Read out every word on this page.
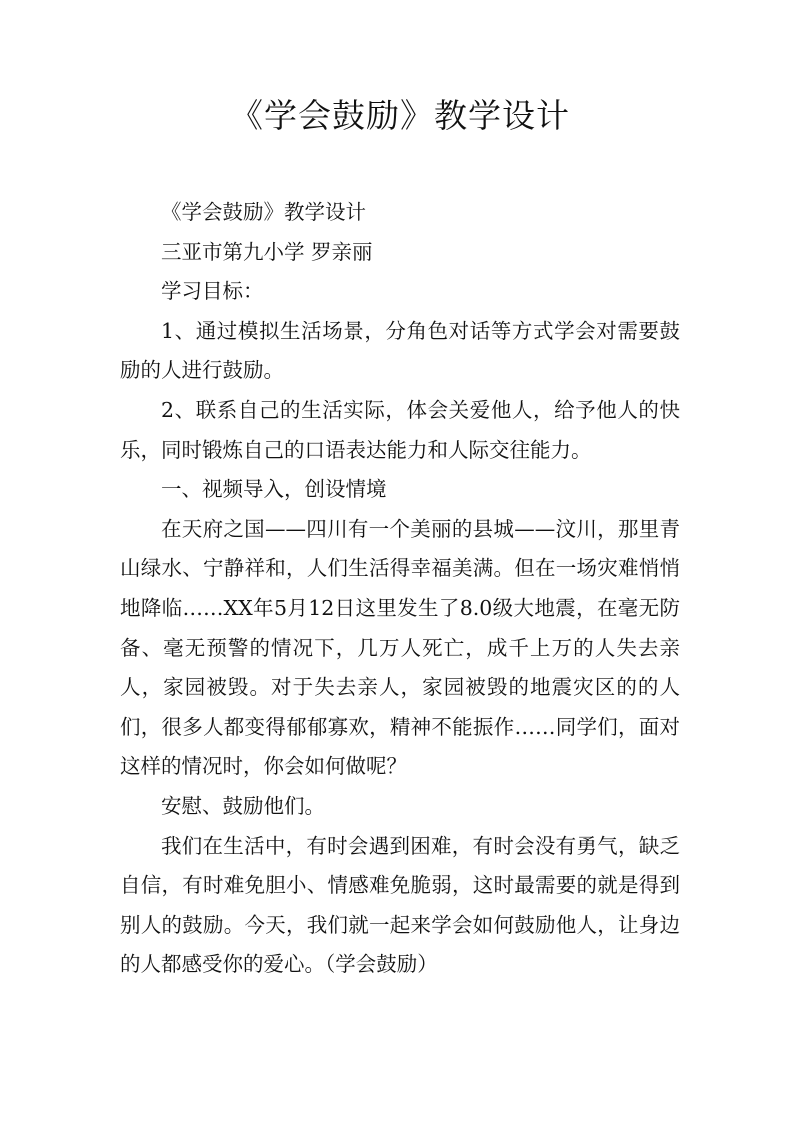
《学会鼓励》教学设计

《学会鼓励》教学设计

三亚市第九小学 罗亲丽

学习目标：

1、通过模拟生活场景，分角色对话等方式学会对需要鼓励的人进行鼓励。

2、联系自己的生活实际，体会关爱他人，给予他人的快乐，同时锻炼自己的口语表达能力和人际交往能力。

一、视频导入，创设情境

在天府之国——四川有一个美丽的县城——汶川，那里青山绿水、宁静祥和，人们生活得幸福美满。但在一场灾难悄悄地降临……XX年5月12日这里发生了8.0级大地震，在毫无防备、毫无预警的情况下，几万人死亡，成千上万的人失去亲人，家园被毁。对于失去亲人，家园被毁的地震灾区的的人们，很多人都变得郁郁寡欢，精神不能振作……同学们，面对这样的情况时，你会如何做呢？

安慰、鼓励他们。

我们在生活中，有时会遇到困难，有时会没有勇气，缺乏自信，有时难免胆小、情感难免脆弱，这时最需要的就是得到别人的鼓励。今天，我们就一起来学会如何鼓励他人，让身边的人都感受你的爱心。（学会鼓励）
